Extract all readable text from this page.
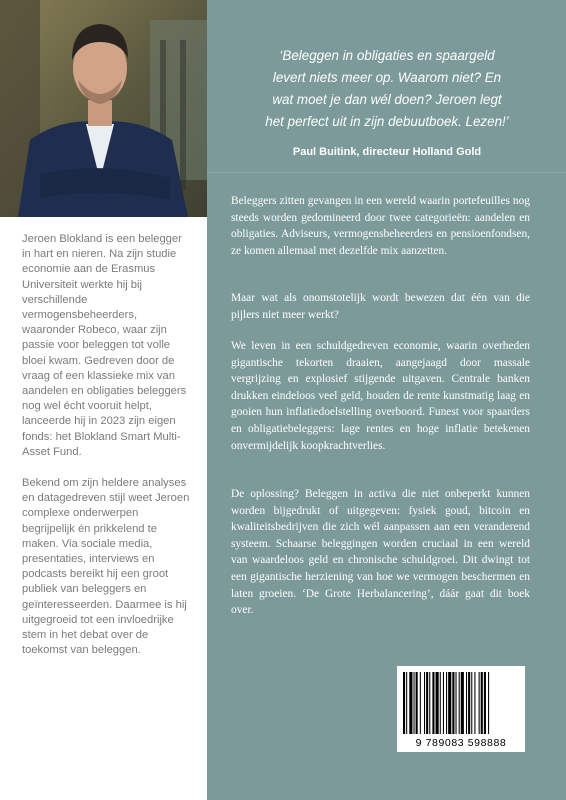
Jeroen Blokland is een belegger in hart en nieren. Na zijn studie economie aan de Erasmus Universiteit werkte hij bij verschillende vermogensbeheerders, waaronder Robeco, waar zijn passie voor beleggen tot volle bloei kwam. Gedreven door de vraag of een klassieke mix van aandelen en obligaties beleggers nog wel écht vooruit helpt, lanceerde hij in 2023 zijn eigen fonds: het Blokland Smart Multi-Asset Fund.

Bekend om zijn heldere analyses en datagedreven stijl weet Jeroen complexe onderwerpen begrijpelijk én prikkelend te maken. Via sociale media, presentaties, interviews en podcasts bereikt hij een groot publiek van beleggers en geïnteresseerden. Daarmee is hij uitgegroeid tot een invloedrijke stem in het debat over de toekomst van beleggen.

‘Beleggen in obligaties en spaargeld
levert niets meer op. Waarom niet? En
wat moet je dan wél doen? Jeroen legt
het perfect uit in zijn debuutboek. Lezen!’

Paul Buitink, directeur Holland Gold

Beleggers zitten gevangen in een wereld waarin portefeuilles nog steeds worden gedomineerd door twee categorieën: aandelen en obligaties. Adviseurs, vermogensbeheerders en pensioenfondsen, ze komen allemaal met dezelfde mix aanzetten.

Maar wat als onomstotelijk wordt bewezen dat één van die pijlers niet meer werkt?

We leven in een schuldgedreven economie, waarin overheden gigantische tekorten draaien, aangejaagd door massale vergrijzing en explosief stijgende uitgaven. Centrale banken drukken eindeloos veel geld, houden de rente kunstmatig laag en gooien hun inflatiedoelstelling overboord. Funest voor spaarders en obligatiebeleggers: lage rentes en hoge inflatie betekenen onvermijdelijk koopkrachtverlies.

De oplossing? Beleggen in activa die niet onbeperkt kunnen worden bijgedrukt of uitgegeven: fysiek goud, bitcoin en kwaliteitsbedrijven die zich wél aanpassen aan een veranderend systeem. Schaarse beleggingen worden cruciaal in een wereld van waardeloos geld en chronische schuldgroei. Dit dwingt tot een gigantische herziening van hoe we vermogen beschermen en laten groeien. ‘De Grote Herbalancering’, dáár gaat dit boek over.

9 789083 598888
